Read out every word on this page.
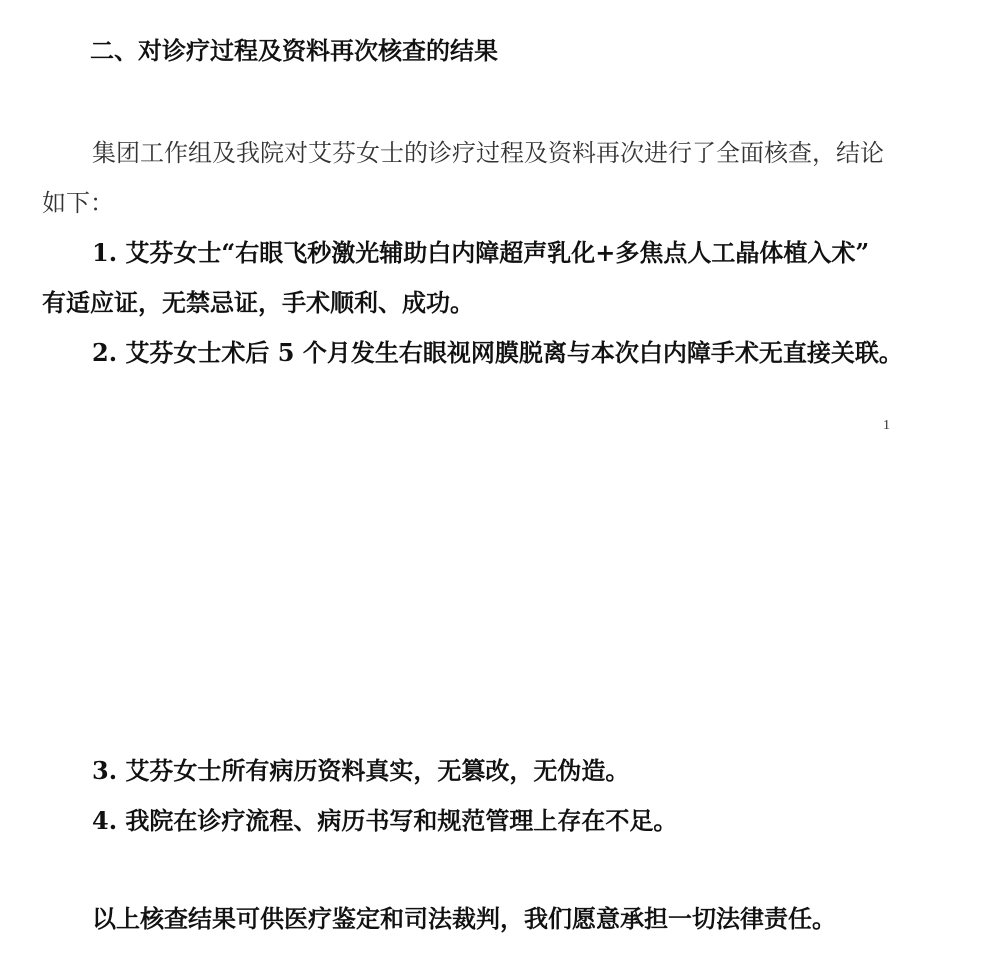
二、对诊疗过程及资料再次核查的结果
集团工作组及我院对艾芬女士的诊疗过程及资料再次进行了全面核查，结论
如下：
1. 艾芬女士“右眼飞秒激光辅助白内障超声乳化+多焦点人工晶体植入术”
有适应证，无禁忌证，手术顺利、成功。
2. 艾芬女士术后 5 个月发生右眼视网膜脱离与本次白内障手术无直接关联。
1
3. 艾芬女士所有病历资料真实，无篡改，无伪造。
4. 我院在诊疗流程、病历书写和规范管理上存在不足。
以上核查结果可供医疗鉴定和司法裁判，我们愿意承担一切法律责任。
